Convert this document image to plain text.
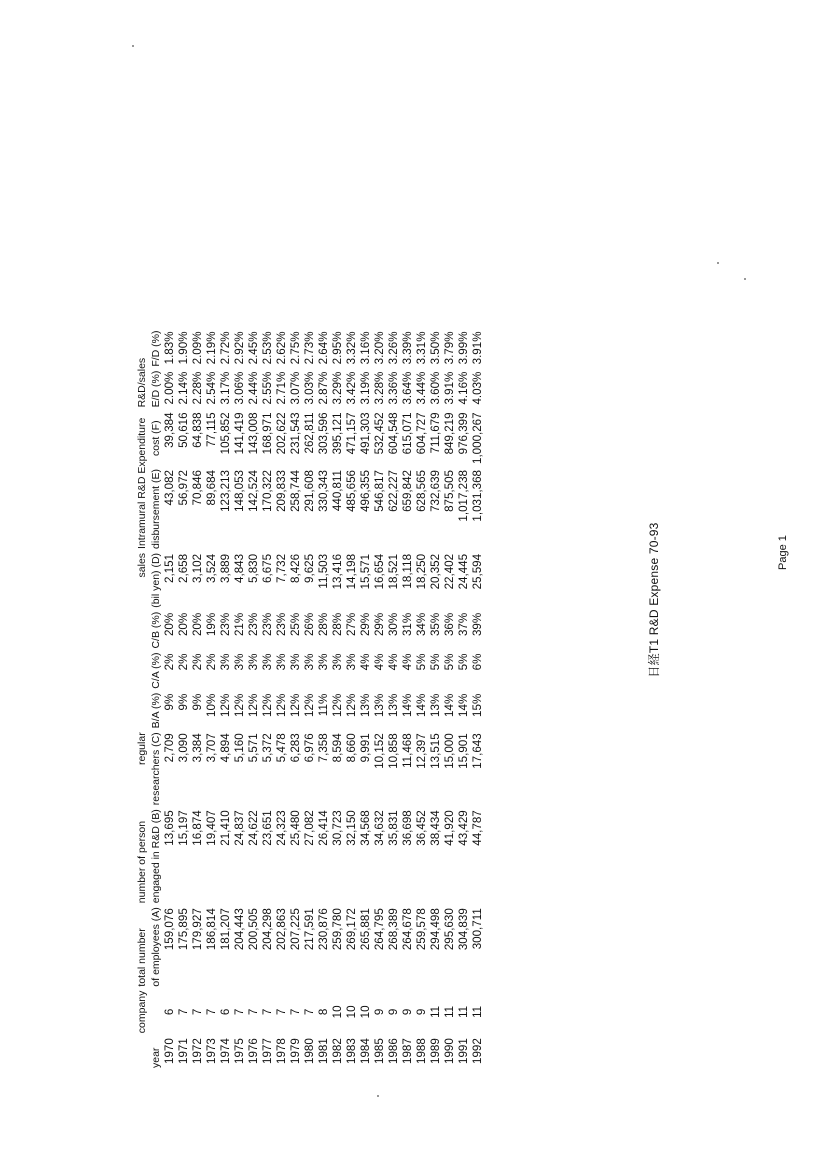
	company	total number	number of person	regular				sales	Intramural R&D Expenditure		R&D/sales	
year		of employees (A)	engaged in R&D (B)	researchers (C)	B/A (%)	C/A (%)	C/B (%)	(bil yen) (D)	disbursement (E)	cost (F)	E/D (%)	F/D (%)
1970	6	159,076	13,695	2,709	9%	2%	20%	2,151	43,082	39,384	2.00%	1.83%
1971	7	175,895	15,197	3,090	9%	2%	20%	2,658	56,972	50,616	2.14%	1.90%
1972	7	179,927	16,874	3,384	9%	2%	20%	3,102	70,846	64,838	2.28%	2.09%
1973	7	186,814	19,407	3,707	10%	2%	19%	3,524	89,684	77,115	2.54%	2.19%
1974	6	181,207	21,410	4,894	12%	3%	23%	3,889	123,213	105,852	3.17%	2.72%
1975	7	204,443	24,837	5,160	12%	3%	21%	4,843	148,053	141,419	3.06%	2.92%
1976	7	200,505	24,622	5,571	12%	3%	23%	5,830	142,524	143,008	2.44%	2.45%
1977	7	204,298	23,651	5,372	12%	3%	23%	6,675	170,322	168,971	2.55%	2.53%
1978	7	202,863	24,323	5,478	12%	3%	23%	7,732	209,833	202,622	2.71%	2.62%
1979	7	207,225	25,480	6,283	12%	3%	25%	8,426	258,744	231,543	3.07%	2.75%
1980	7	217,591	27,082	6,976	12%	3%	26%	9,625	291,608	262,811	3.03%	2.73%
1981	8	230,876	26,414	7,358	11%	3%	28%	11,503	330,343	303,596	2.87%	2.64%
1982	10	259,780	30,723	8,594	12%	3%	28%	13,416	440,811	395,121	3.29%	2.95%
1983	10	269,172	32,150	8,660	12%	3%	27%	14,198	485,656	471,157	3.42%	3.32%
1984	10	265,881	34,568	9,991	13%	4%	29%	15,571	496,355	491,303	3.19%	3.16%
1985	9	264,795	34,632	10,152	13%	4%	29%	16,654	546,817	532,452	3.28%	3.20%
1986	9	268,389	35,831	10,858	13%	4%	30%	18,521	622,227	604,548	3.36%	3.26%
1987	9	264,678	36,698	11,468	14%	4%	31%	18,118	659,842	615,071	3.64%	3.39%
1988	9	259,578	36,452	12,397	14%	5%	34%	18,250	628,565	604,727	3.44%	3.31%
1989	11	294,498	38,434	13,515	13%	5%	35%	20,352	732,639	711,679	3.60%	3.50%
1990	11	295,630	41,920	15,000	14%	5%	36%	22,402	875,505	849,219	3.91%	3.79%
1991	11	304,839	43,429	15,901	14%	5%	37%	24,445	1,017,238	976,399	4.16%	3.99%
1992	11	300,711	44,787	17,643	15%	6%	39%	25,594	1,031,368	1,000,267	4.03%	3.91%
日経T1 R&D Expense 70-93	Page 1
